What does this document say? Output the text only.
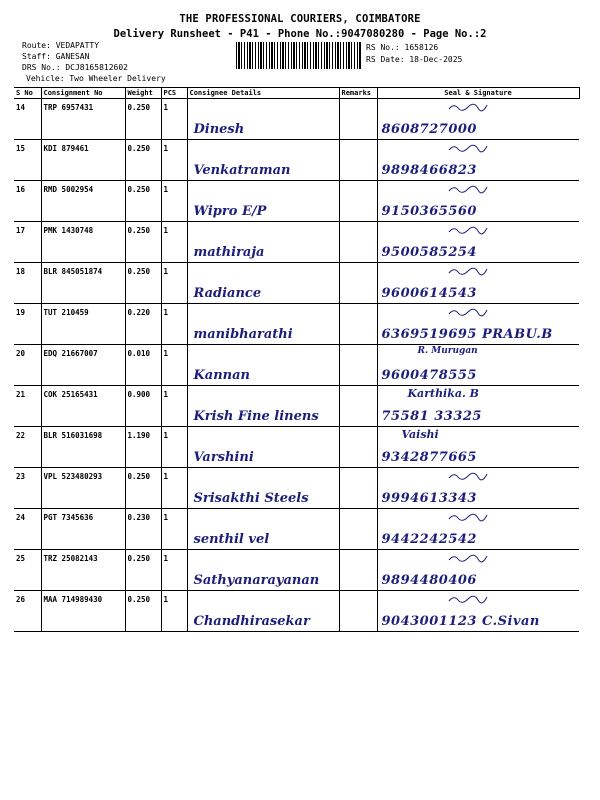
THE PROFESSIONAL COURIERS, COIMBATORE
Delivery Runsheet - P41 - Phone No.:9047080280 - Page No.:2
Route: VEDAPATTY
Staff: GANESAN
DRS No.: DCJ8165812602
Vehicle: Two Wheeler Delivery
RS No.: 1658126
RS Date: 18-Dec-2025
S No	Consignment No	Weight	PCS	Consignee Details	Remarks	Seal & Signature
14	TRP 6957431	0.250	1	Dinesh		8608727000

15	KDI 879461	0.250	1	Venkatraman		9898466823

16	RMD 5002954	0.250	1	Wipro E/P		9150365560

17	PMK 1430748	0.250	1	mathiraja		9500585254

18	BLR 845051874	0.250	1	Radiance		9600614543

19	TUT 210459	0.220	1	manibharathi		6369519695 PRABU.B

20	EDQ 21667007	0.010	1	Kannan		R. Murugan
9600478555

21	COK 25165431	0.900	1	Krish Fine linens		Karthika. B
75581 33325

22	BLR 516031698	1.190	1	Varshini		Vaishi
9342877665

23	VPL 523480293	0.250	1	Srisakthi Steels		9994613343

24	PGT 7345636	0.230	1	senthil vel		9442242542

25	TRZ 25082143	0.250	1	Sathyanarayanan		9894480406

26	MAA 714989430	0.250	1	Chandhirasekar		9043001123 C.Sivan
